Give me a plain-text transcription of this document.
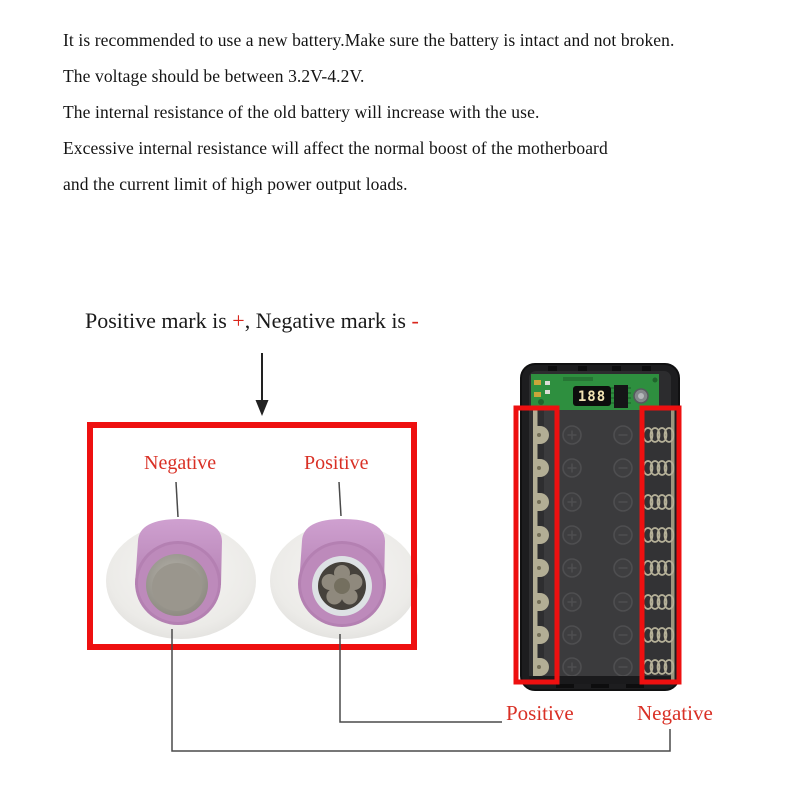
It is recommended to use a new battery.Make sure the battery is intact and not broken.

The voltage should be between 3.2V-4.2V.

The internal resistance of the old battery will increase with the use.

Excessive internal resistance will affect the normal boost of the motherboard

and the current limit of high power output loads.

Positive mark is +, Negative mark is -

188
Negative	Positive
Positive	Negative
